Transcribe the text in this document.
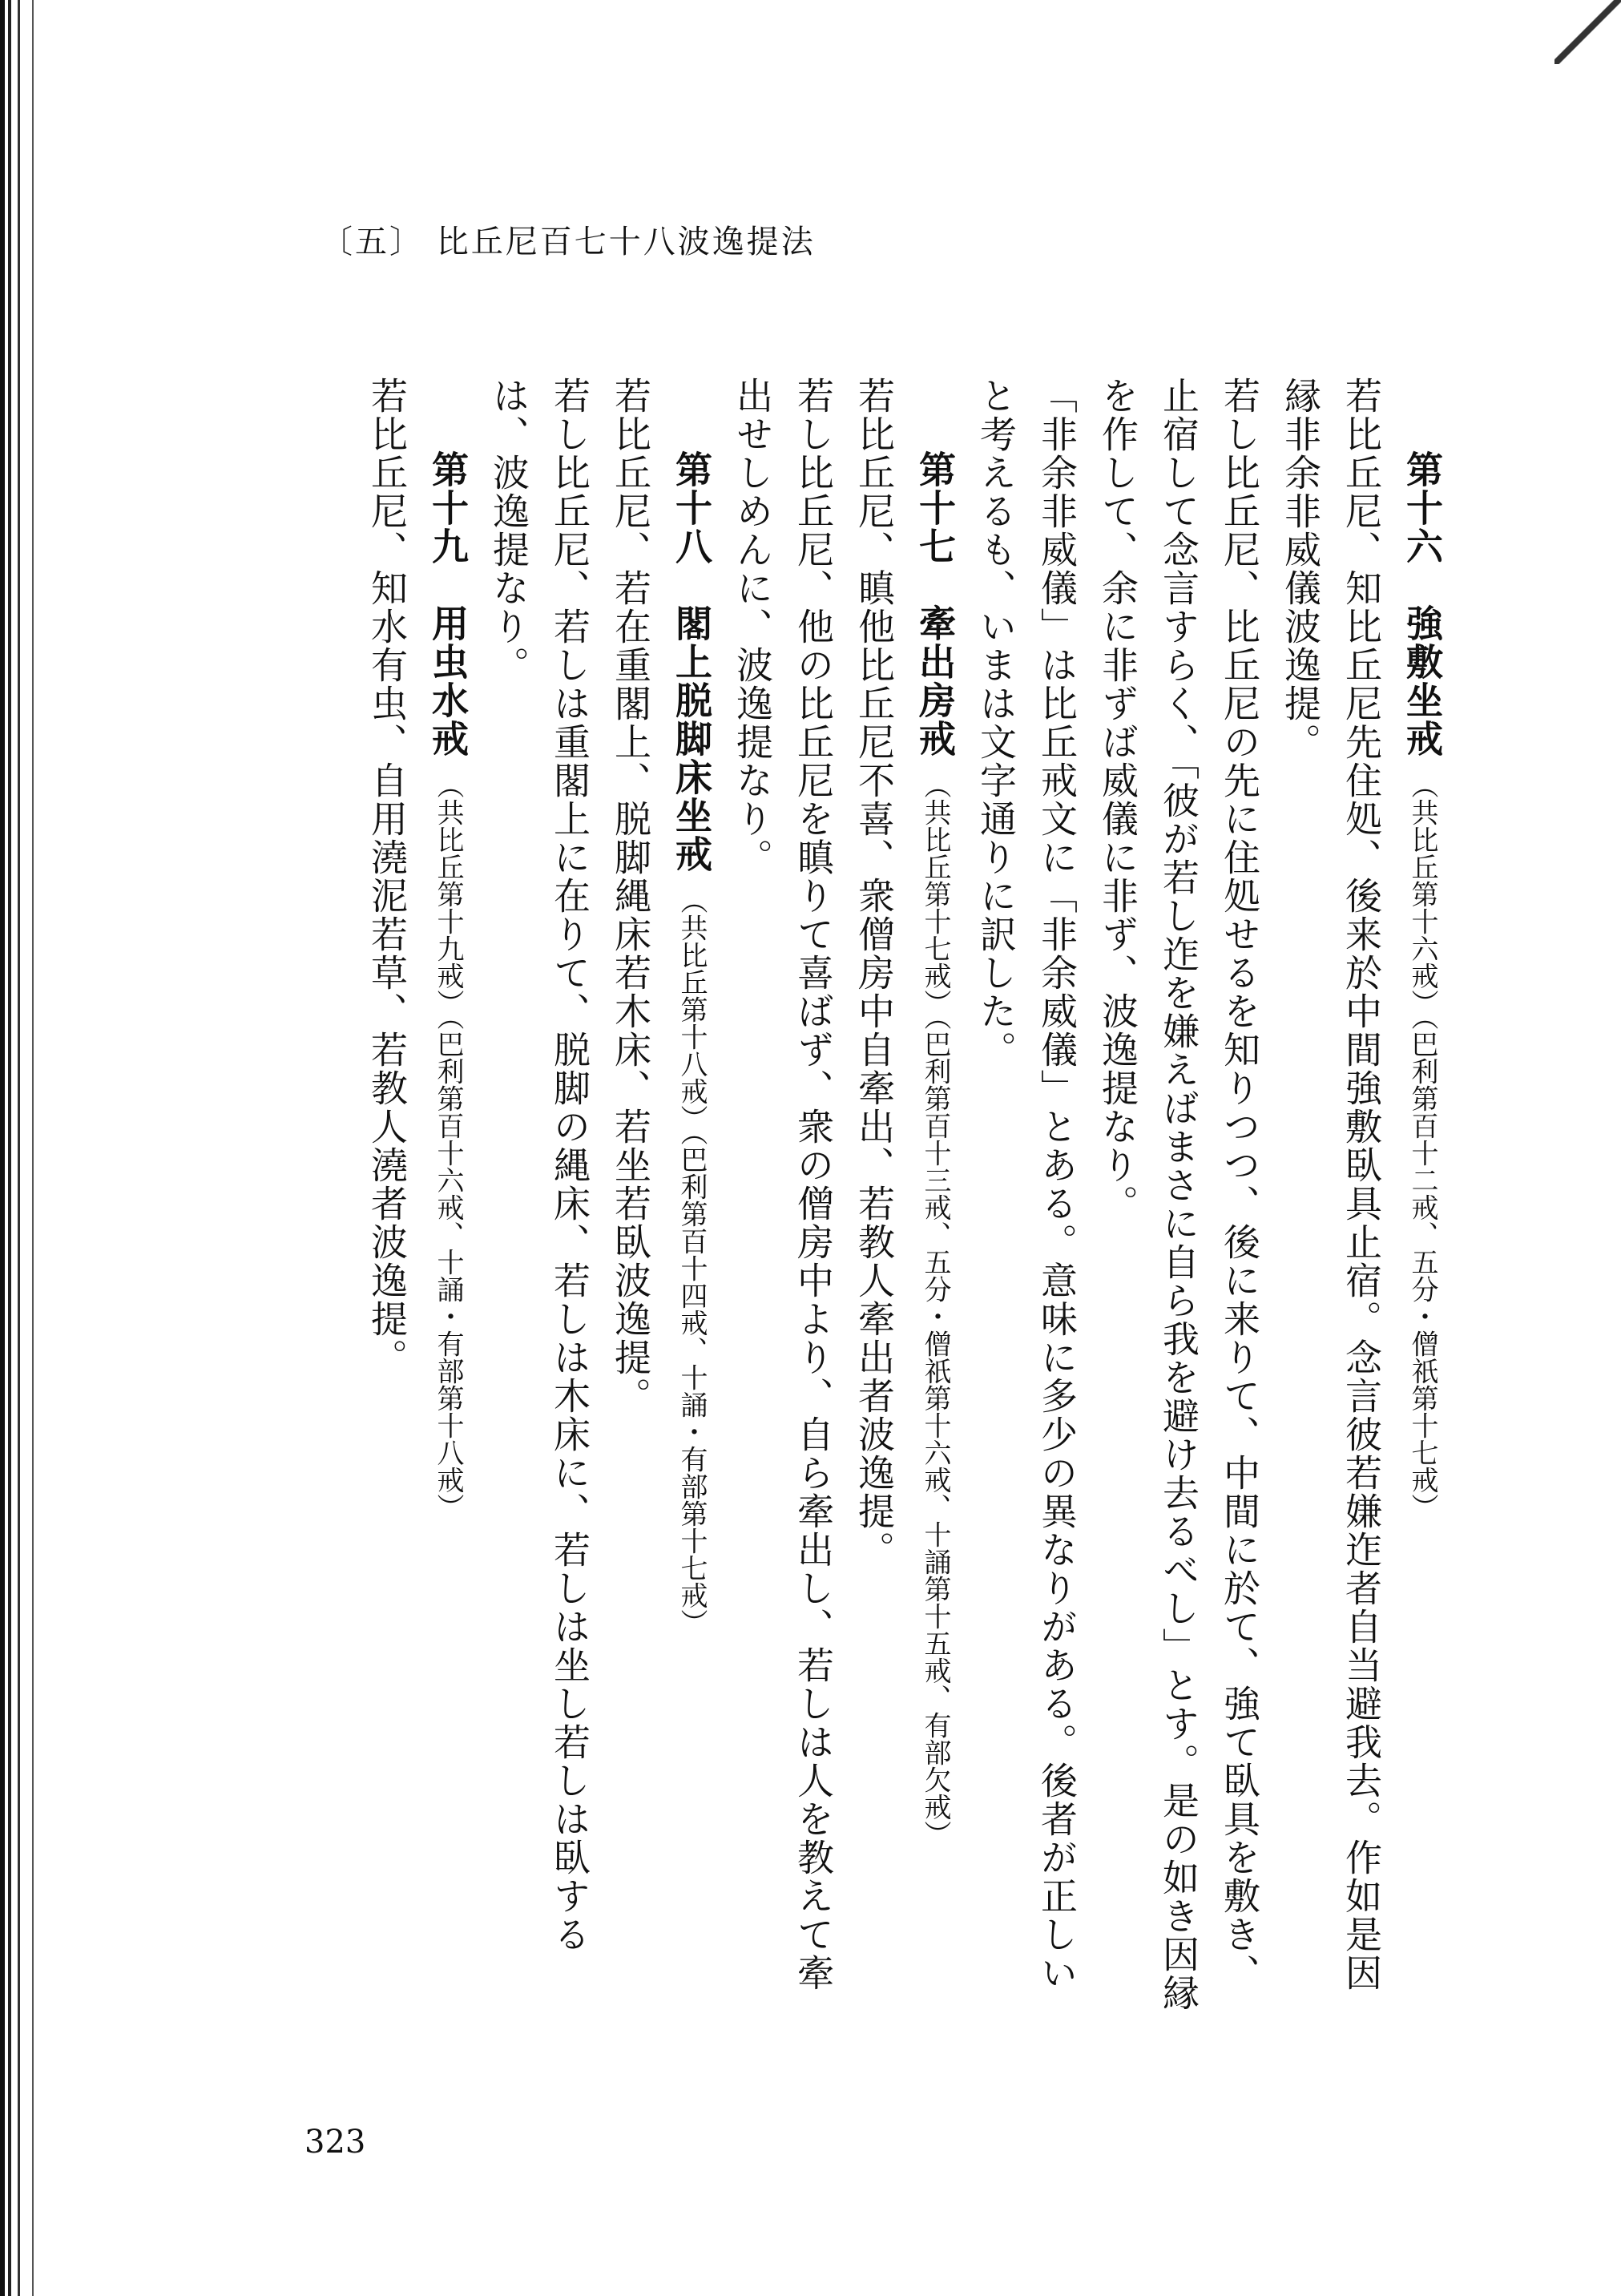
〔五〕 比丘尼百七十八波逸提法
第十六　強敷坐戒 （共比丘第十六戒）（巴利第百十二戒、五分・僧祇第十七戒）
若比丘尼、知比丘尼先住処、後来於中間強敷臥具止宿。念言彼若嫌迮者自当避我去。作如是因縁非余非威儀波逸提。
若し比丘尼、比丘尼の先に住処せるを知りつつ、後に来りて、中間に於て、強て臥具を敷き、止宿して念言すらく、「彼が若し迮を嫌えばまさに自ら我を避け去るべし」とす。是の如き因縁を作して、余に非ずば威儀に非ず、波逸提なり。
「非余非威儀」は比丘戒文に「非余威儀」とある。意味に多少の異なりがある。後者が正しいと考えるも、いまは文字通りに訳した。
第十七　牽出房戒 （共比丘第十七戒）（巴利第百十三戒、五分・僧祇第十六戒、十誦第十五戒、有部欠戒）
若比丘尼、瞋他比丘尼不喜、衆僧房中自牽出、若教人牽出者波逸提。
若し比丘尼、他の比丘尼を瞋りて喜ばず、衆の僧房中より、自ら牽出し、若しは人を教えて牽出せしめんに、波逸提なり。
第十八　閣上脱脚床坐戒 （共比丘第十八戒）（巴利第百十四戒、十誦・有部第十七戒）
若比丘尼、若在重閣上、脱脚縄床若木床、若坐若臥波逸提。
若し比丘尼、若しは重閣上に在りて、脱脚の縄床、若しは木床に、若しは坐し若しは臥するは、波逸提なり。
第十九　用虫水戒 （共比丘第十九戒）（巴利第百十六戒、十誦・有部第十八戒）
若比丘尼、知水有虫、自用澆泥若草、若教人澆者波逸提。
323
